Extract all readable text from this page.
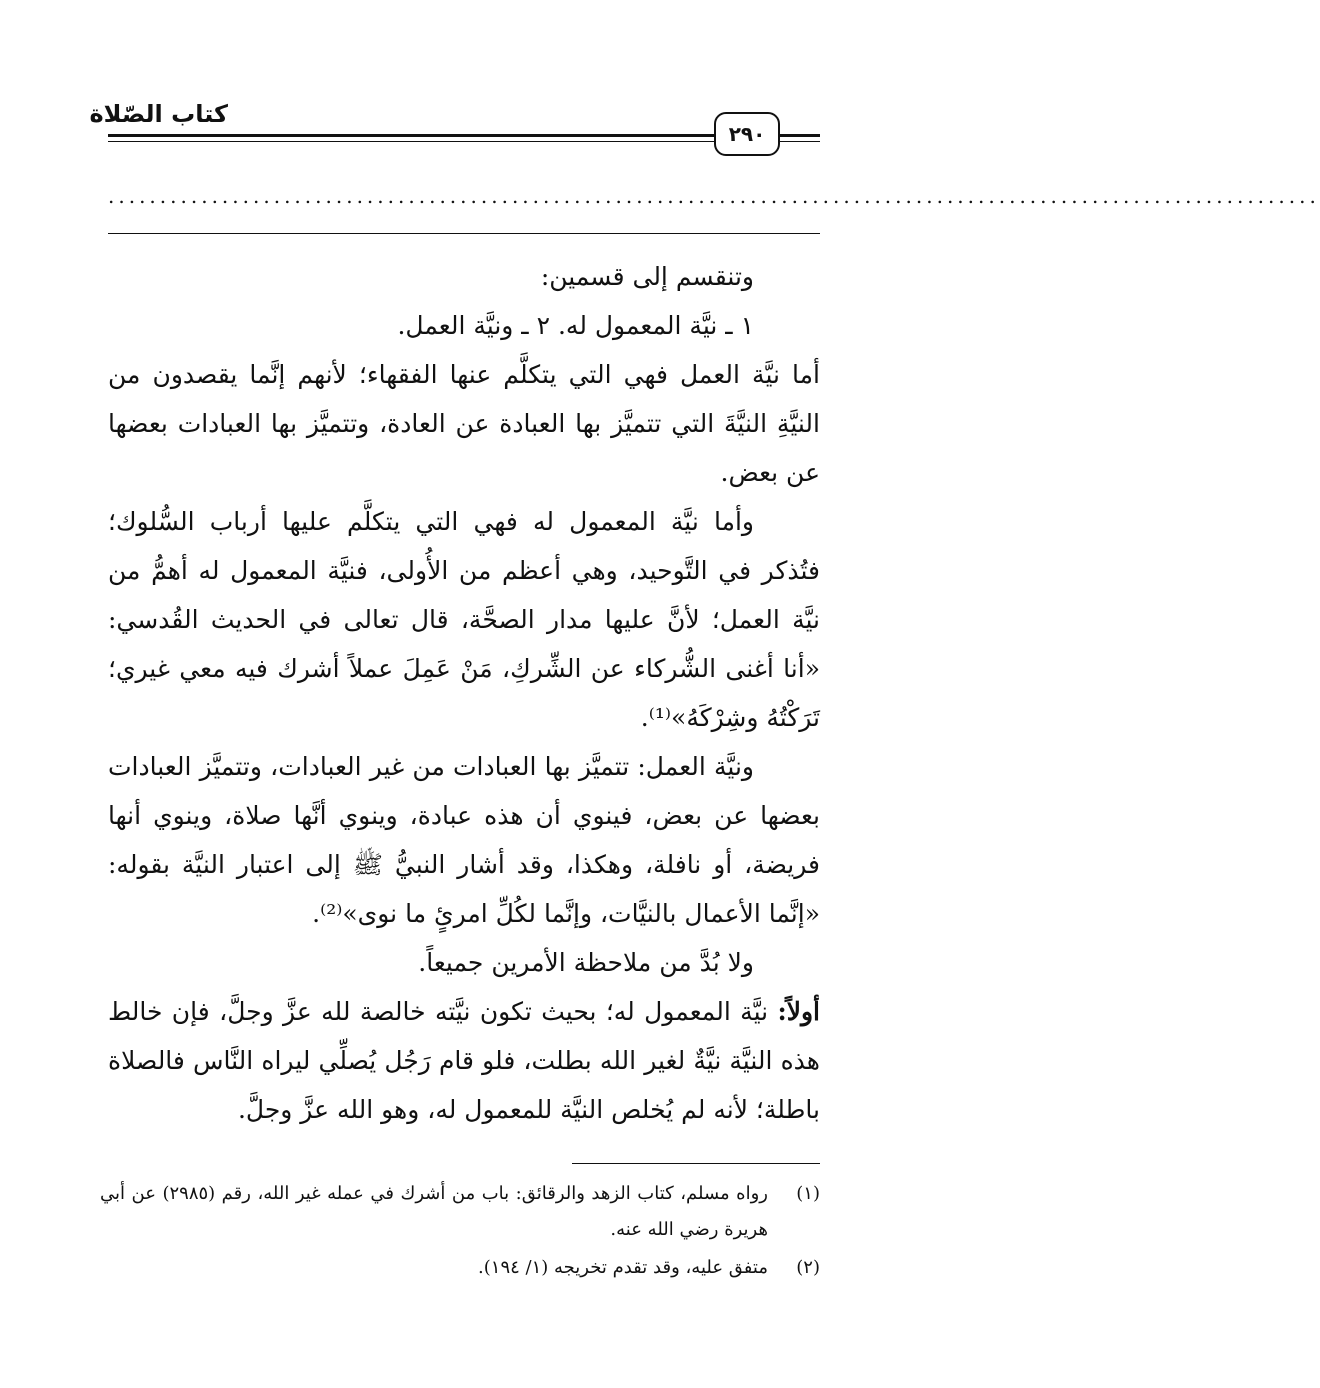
كتاب الصّلاة
٢٩٠
.....................................................................................................................

وتنقسم إلى قسمين:

١ ـ نيَّة المعمول له. ٢ ـ ونيَّة العمل.

أما نيَّة العمل فهي التي يتكلَّم عنها الفقهاء؛ لأنهم إنَّما يقصدون من النيَّةِ النيَّةَ التي تتميَّز بها العبادة عن العادة، وتتميَّز بها العبادات بعضها عن بعض.

وأما نيَّة المعمول له فهي التي يتكلَّم عليها أرباب السُّلوك؛ فتُذكر في التَّوحيد، وهي أعظم من الأُولى، فنيَّة المعمول له أهمُّ من نيَّة العمل؛ لأنَّ عليها مدار الصحَّة، قال تعالى في الحديث القُدسي: «أنا أغنى الشُّركاء عن الشِّركِ، مَنْ عَمِلَ عملاً أشرك فيه معي غيري؛ تَرَكْتُهُ وشِرْكَهُ»⁽¹⁾.

ونيَّة العمل: تتميَّز بها العبادات من غير العبادات، وتتميَّز العبادات بعضها عن بعض، فينوي أن هذه عبادة، وينوي أنَّها صلاة، وينوي أنها فريضة، أو نافلة، وهكذا، وقد أشار النبيُّ ﷺ إلى اعتبار النيَّة بقوله: «إنَّما الأعمال بالنيَّات، وإنَّما لكُلِّ امرئٍ ما نوى»⁽²⁾.

ولا بُدَّ من ملاحظة الأمرين جميعاً.

أولاً: نيَّة المعمول له؛ بحيث تكون نيَّته خالصة لله عزَّ وجلَّ، فإن خالط هذه النيَّة نيَّةٌ لغير الله بطلت، فلو قام رَجُل يُصلِّي ليراه النَّاس فالصلاة باطلة؛ لأنه لم يُخلص النيَّة للمعمول له، وهو الله عزَّ وجلَّ.

(١)
رواه مسلم، كتاب الزهد والرقائق: باب من أشرك في عمله غير الله، رقم (٢٩٨٥) عن أبي هريرة رضي الله عنه.
(٢)
متفق عليه، وقد تقدم تخريجه (١/ ١٩٤).
